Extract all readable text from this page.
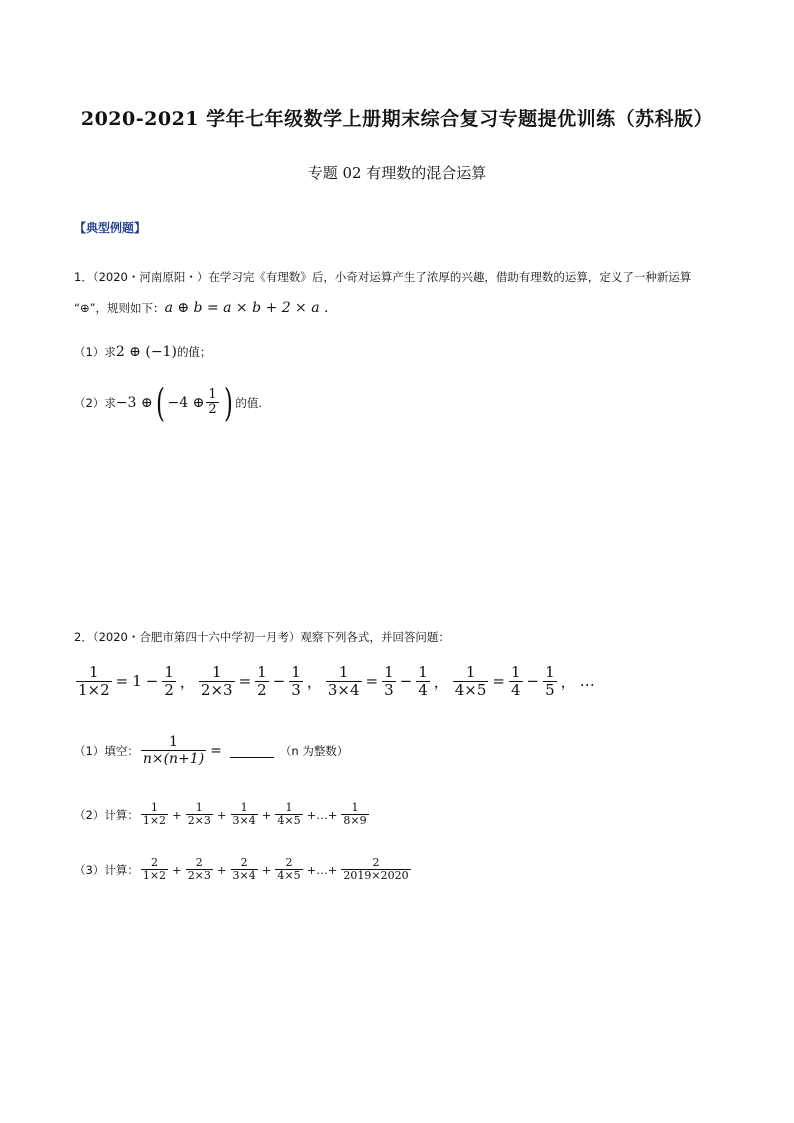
2020-2021 学年七年级数学上册期末综合复习专题提优训练（苏科版）
专题 02 有理数的混合运算
【典型例题】
1．（2020・河南原阳・）在学习完《有理数》后，小奇对运算产生了浓厚的兴趣，借助有理数的运算，定义了一种新运算
“⊕”，规则如下： a ⊕ b = a × b + 2 × a .
（1）求 2 ⊕ (−1) 的值；
（2）求 −3 ⊕ ( −4 ⊕ $\frac{1}{2}$ ) 的值.
2．（2020・合肥市第四十六中学初一月考）观察下列各式，并回答问题：
$\frac{1}{1\times 2} = 1 - \frac{1}{2}$ ， $\frac{1}{2\times 3} = \frac{1}{2} - \frac{1}{3}$ ， $\frac{1}{3\times 4} = \frac{1}{3} - \frac{1}{4}$ ， $\frac{1}{4\times 5} = \frac{1}{4} - \frac{1}{5}$ ， …
（1）填空： $\frac{1}{n\times(n+1)}$ =	（n 为整数）
（2）计算： $\frac{1}{1\times 2} + \frac{1}{2\times 3} + \frac{1}{3\times 4} + \frac{1}{4\times 5}$ +…+ $\frac{1}{8\times 9}$
（3）计算： $\frac{2}{1\times 2} + \frac{2}{2\times 3} + \frac{2}{3\times 4} + \frac{2}{4\times 5}$ +…+ $\frac{2}{2019\times 2020}$
